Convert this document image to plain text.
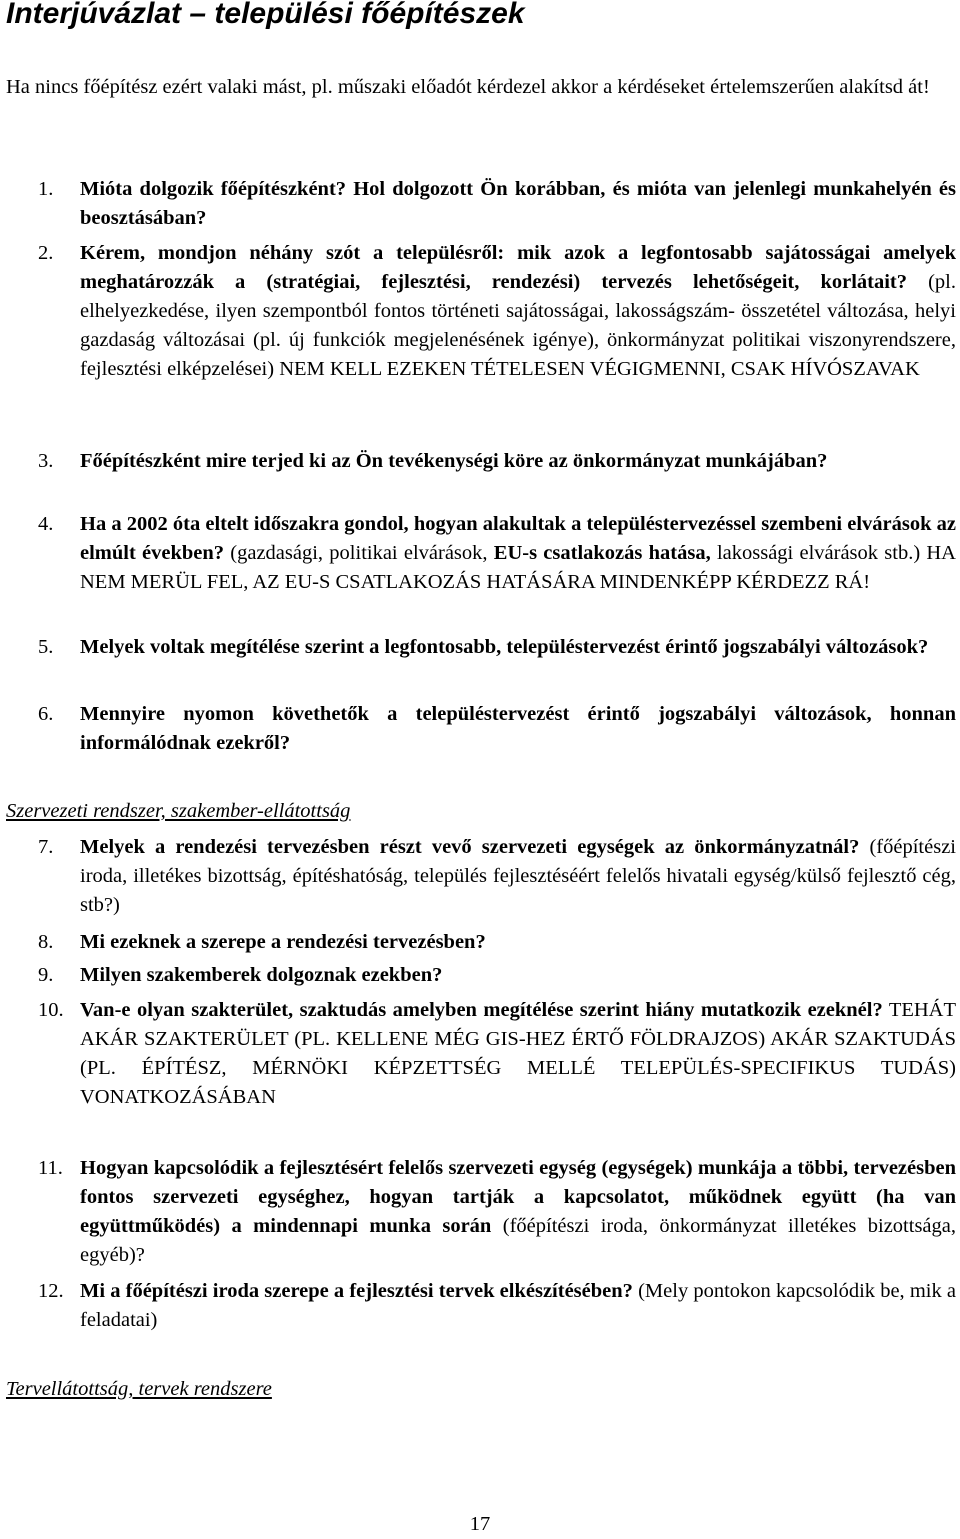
Interjúvázlat – települési főépítészek
Ha nincs főépítész ezért valaki mást, pl. műszaki előadót kérdezel akkor a kérdéseket értelemszerűen alakítsd át!
1.	Mióta dolgozik főépítészként? Hol dolgozott Ön korábban, és mióta van jelenlegi munkahelyén és beosztásában?
2.	Kérem, mondjon néhány szót a településről: mik azok a legfontosabb sajátosságai amelyek meghatározzák a (stratégiai, fejlesztési, rendezési) tervezés lehetőségeit, korlátait? (pl. elhelyezkedése, ilyen szempontból fontos történeti sajátosságai, lakosságszám- összetétel változása, helyi gazdaság változásai (pl. új funkciók megjelenésének igénye), önkormányzat politikai viszonyrendszere, fejlesztési elképzelései) NEM KELL EZEKEN TÉTELESEN VÉGIGMENNI, CSAK HÍVÓSZAVAK
3.	Főépítészként mire terjed ki az Ön tevékenységi köre az önkormányzat munkájában?
4.	Ha a 2002 óta eltelt időszakra gondol, hogyan alakultak a településtervezéssel szembeni elvárások az elmúlt években? (gazdasági, politikai elvárások, EU-s csatlakozás hatása, lakossági elvárások stb.) HA NEM MERÜL FEL, AZ EU-S CSATLAKOZÁS HATÁSÁRA MINDENKÉPP KÉRDEZZ RÁ!
5.	Melyek voltak megítélése szerint a legfontosabb, településtervezést érintő jogszabályi változások?
6.	Mennyire nyomon követhetők a településtervezést érintő jogszabályi változások, honnan informálódnak ezekről?
Szervezeti rendszer, szakember-ellátottság
7.	Melyek a rendezési tervezésben részt vevő szervezeti egységek az önkormányzatnál? (főépítészi iroda, illetékes bizottság, építéshatóság, település fejlesztéséért felelős hivatali egység/külső fejlesztő cég, stb?)
8.	Mi ezeknek a szerepe a rendezési tervezésben?
9.	Milyen szakemberek dolgoznak ezekben?
10. Van-e olyan szakterület, szaktudás amelyben megítélése szerint hiány mutatkozik ezeknél? TEHÁT AKÁR SZAKTERÜLET (PL. KELLENE MÉG GIS-HEZ ÉRTŐ FÖLDRAJZOS) AKÁR SZAKTUDÁS (PL. ÉPÍTÉSZ, MÉRNÖKI KÉPZETTSÉG MELLÉ TELEPÜLÉS-SPECIFIKUS TUDÁS) VONATKOZÁSÁBAN
11. Hogyan kapcsolódik a fejlesztésért felelős szervezeti egység (egységek) munkája a többi, tervezésben fontos szervezeti egységhez, hogyan tartják a kapcsolatot, működnek együtt (ha van együttműködés) a mindennapi munka során (főépítészi iroda, önkormányzat illetékes bizottsága, egyéb)?
12. Mi a főépítészi iroda szerepe a fejlesztési tervek elkészítésében? (Mely pontokon kapcsolódik be, mik a feladatai)
Tervellátottság, tervek rendszere
17
